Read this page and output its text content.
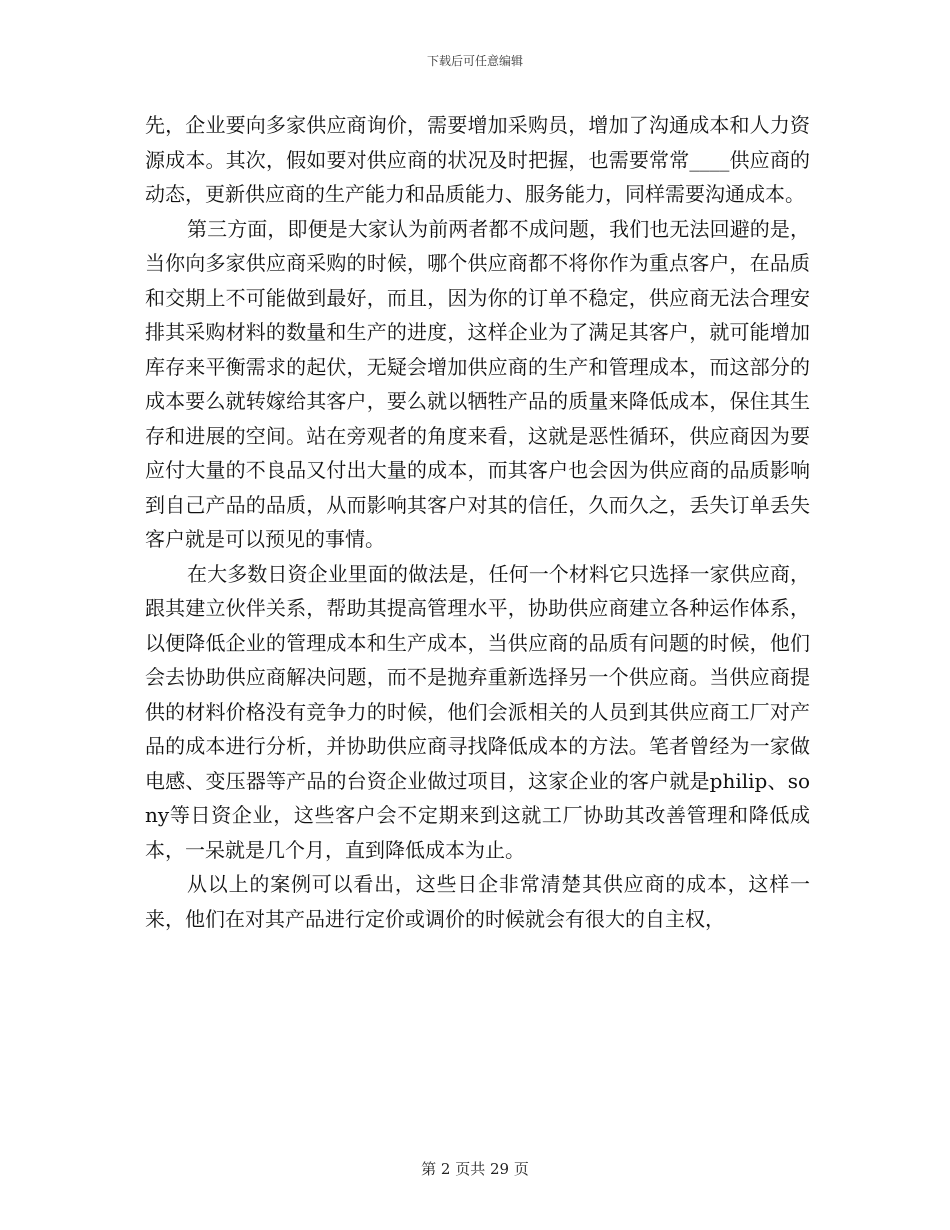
下载后可任意编辑

先，企业要向多家供应商询价，需要增加采购员，增加了沟通成本和人力资源成本。其次，假如要对供应商的状况及时把握，也需要常常____供应商的动态，更新供应商的生产能力和品质能力、服务能力，同样需要沟通成本。

第三方面，即便是大家认为前两者都不成问题，我们也无法回避的是，当你向多家供应商采购的时候，哪个供应商都不将你作为重点客户，在品质和交期上不可能做到最好，而且，因为你的订单不稳定，供应商无法合理安排其采购材料的数量和生产的进度，这样企业为了满足其客户，就可能增加库存来平衡需求的起伏，无疑会增加供应商的生产和管理成本，而这部分的成本要么就转嫁给其客户，要么就以牺牲产品的质量来降低成本，保住其生存和进展的空间。站在旁观者的角度来看，这就是恶性循环，供应商因为要应付大量的不良品又付出大量的成本，而其客户也会因为供应商的品质影响到自己产品的品质，从而影响其客户对其的信任，久而久之，丢失订单丢失客户就是可以预见的事情。

在大多数日资企业里面的做法是，任何一个材料它只选择一家供应商，跟其建立伙伴关系，帮助其提高管理水平，协助供应商建立各种运作体系，以便降低企业的管理成本和生产成本，当供应商的品质有问题的时候，他们会去协助供应商解决问题，而不是抛弃重新选择另一个供应商。当供应商提供的材料价格没有竞争力的时候，他们会派相关的人员到其供应商工厂对产品的成本进行分析，并协助供应商寻找降低成本的方法。笔者曾经为一家做电感、变压器等产品的台资企业做过项目，这家企业的客户就是philip、sony等日资企业，这些客户会不定期来到这就工厂协助其改善管理和降低成本，一呆就是几个月，直到降低成本为止。

从以上的案例可以看出，这些日企非常清楚其供应商的成本，这样一来，他们在对其产品进行定价或调价的时候就会有很大的自主权，

第 2 页共 29 页
